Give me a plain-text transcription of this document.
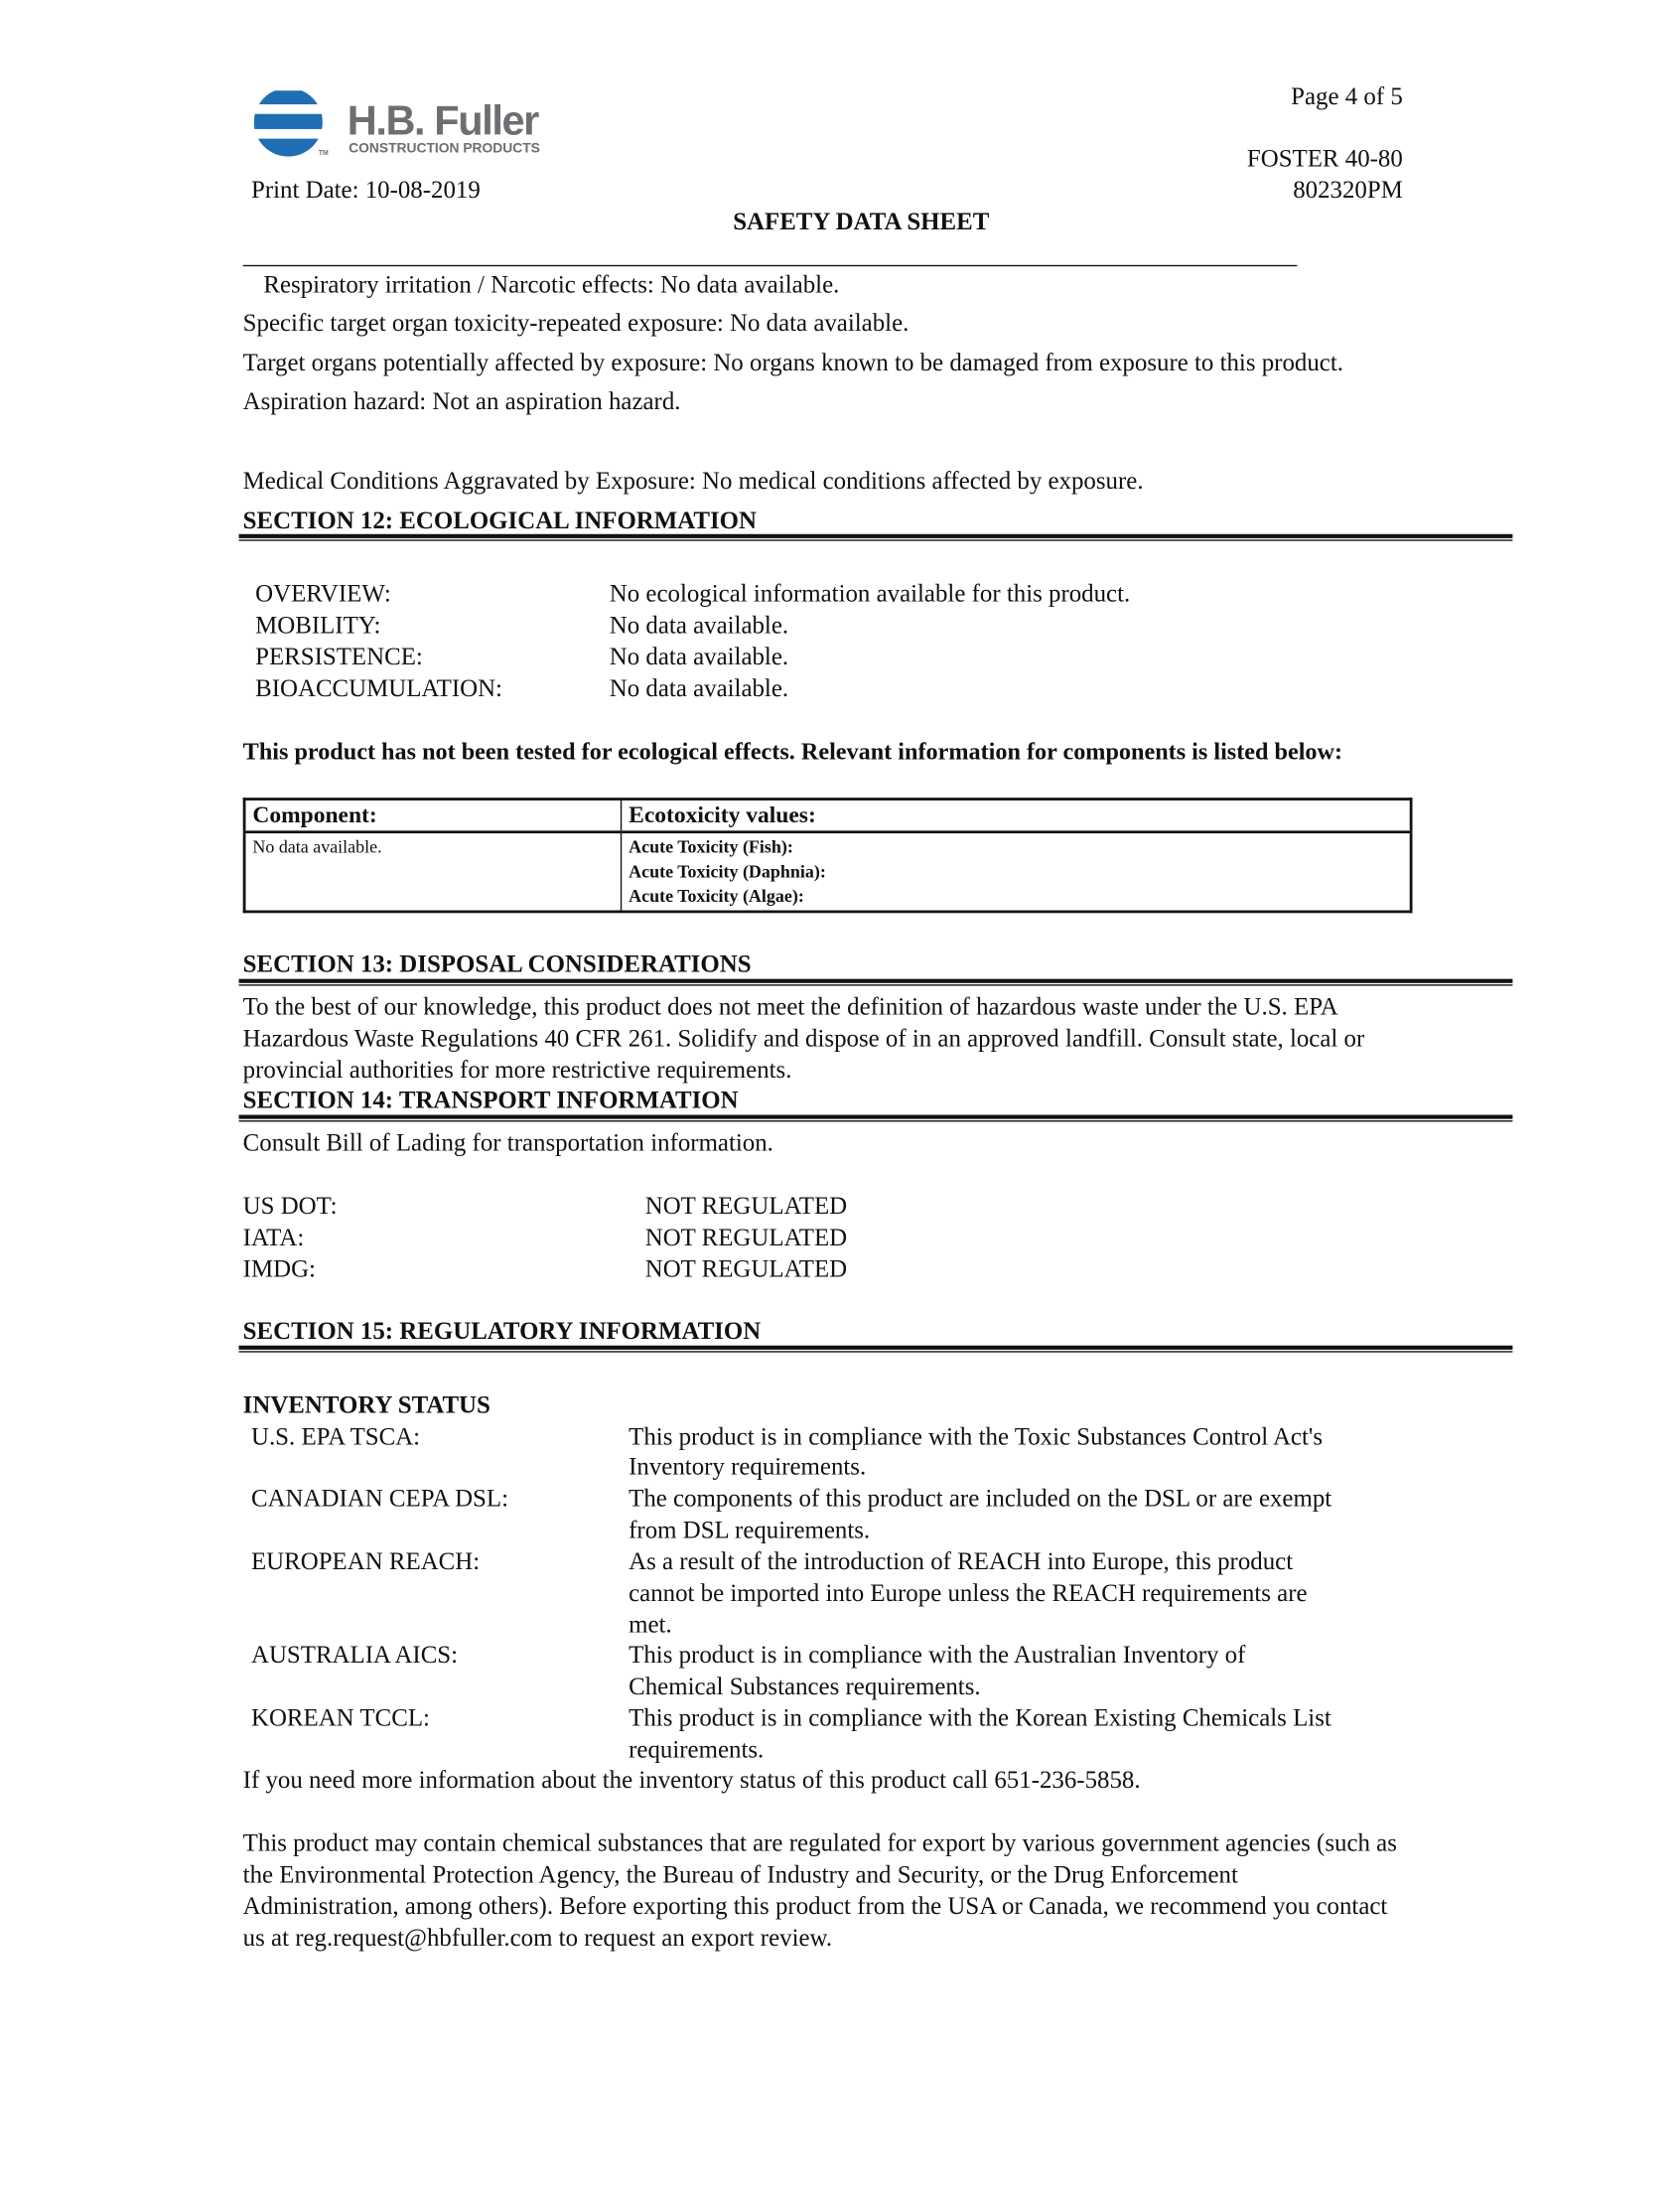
H.B. Fuller
CONSTRUCTION PRODUCTS
TM
Page 4 of 5
FOSTER 40-80
802320PM
Print Date: 10-08-2019
SAFETY DATA SHEET
Respiratory irritation / Narcotic effects: No data available.
Specific target organ toxicity-repeated exposure: No data available.
Target organs potentially affected by exposure: No organs known to be damaged from exposure to this product.
Aspiration hazard: Not an aspiration hazard.
Medical Conditions Aggravated by Exposure: No medical conditions affected by exposure.
SECTION 12: ECOLOGICAL INFORMATION
OVERVIEW:	No ecological information available for this product.
MOBILITY:	No data available.
PERSISTENCE:	No data available.
BIOACCUMULATION:	No data available.
This product has not been tested for ecological effects. Relevant information for components is listed below:
Component:	Ecotoxicity values:
No data available.	Acute Toxicity (Fish):
Acute Toxicity (Daphnia):
Acute Toxicity (Algae):
SECTION 13: DISPOSAL CONSIDERATIONS
To the best of our knowledge, this product does not meet the definition of hazardous waste under the U.S. EPA
Hazardous Waste Regulations 40 CFR 261. Solidify and dispose of in an approved landfill. Consult state, local or
provincial authorities for more restrictive requirements.
SECTION 14: TRANSPORT INFORMATION
Consult Bill of Lading for transportation information.
US DOT:	NOT REGULATED
IATA:	NOT REGULATED
IMDG:	NOT REGULATED
SECTION 15: REGULATORY INFORMATION
INVENTORY STATUS
U.S. EPA TSCA:	This product is in compliance with the Toxic Substances Control Act's
Inventory requirements.
CANADIAN CEPA DSL:	The components of this product are included on the DSL or are exempt
from DSL requirements.
EUROPEAN REACH:	As a result of the introduction of REACH into Europe, this product
cannot be imported into Europe unless the REACH requirements are
met.
AUSTRALIA AICS:	This product is in compliance with the Australian Inventory of
Chemical Substances requirements.
KOREAN TCCL:	This product is in compliance with the Korean Existing Chemicals List
requirements.
If you need more information about the inventory status of this product call 651-236-5858.
This product may contain chemical substances that are regulated for export by various government agencies (such as
the Environmental Protection Agency, the Bureau of Industry and Security, or the Drug Enforcement
Administration, among others). Before exporting this product from the USA or Canada, we recommend you contact
us at reg.request@hbfuller.com to request an export review.
